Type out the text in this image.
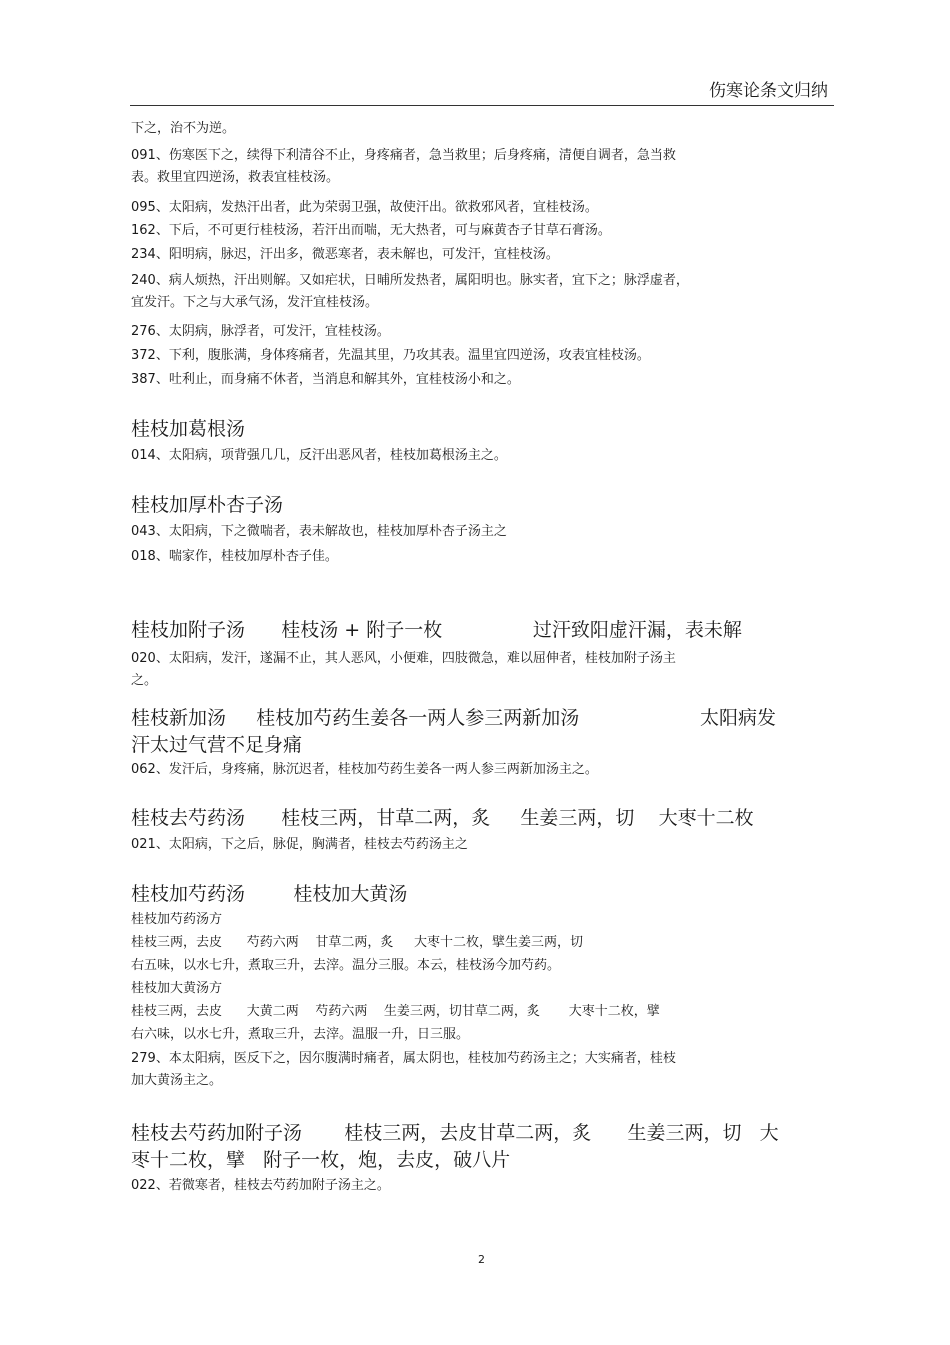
伤寒论条文归纳
下之，治不为逆。
091、伤寒医下之，续得下利清谷不止，身疼痛者，急当救里；后身疼痛，清便自调者，急当救
表。救里宜四逆汤，救表宜桂枝汤。
095、太阳病，发热汗出者，此为荣弱卫强，故使汗出。欲救邪风者，宜桂枝汤。
162、下后，不可更行桂枝汤，若汗出而喘，无大热者，可与麻黄杏子甘草石膏汤。
234、阳明病，脉迟，汗出多，微恶寒者，表未解也，可发汗，宜桂枝汤。
240、病人烦热，汗出则解。又如疟状，日晡所发热者，属阳明也。脉实者，宜下之；脉浮虚者，
宜发汗。下之与大承气汤，发汗宜桂枝汤。
276、太阴病，脉浮者，可发汗，宜桂枝汤。
372、下利，腹胀满，身体疼痛者，先温其里，乃攻其表。温里宜四逆汤，攻表宜桂枝汤。
387、吐利止，而身痛不休者，当消息和解其外，宜桂枝汤小和之。
桂枝加葛根汤
014、太阳病，项背强几几，反汗出恶风者，桂枝加葛根汤主之。
桂枝加厚朴杏子汤
043、太阳病，下之微喘者，表未解故也，桂枝加厚朴杏子汤主之
018、喘家作，桂枝加厚朴杏子佳。
桂枝加附子汤      桂枝汤 + 附子一枚               过汗致阳虚汗漏，表未解
020、太阳病，发汗，遂漏不止，其人恶风，小便难，四肢微急，难以屈伸者，桂枝加附子汤主
之。
桂枝新加汤     桂枝加芍药生姜各一两人参三两新加汤                    太阳病发
汗太过气营不足身痛
062、发汗后，身疼痛，脉沉迟者，桂枝加芍药生姜各一两人参三两新加汤主之。
桂枝去芍药汤      桂枝三两，甘草二两，炙     生姜三两，切    大枣十二枚
021、太阳病，下之后，脉促，胸满者，桂枝去芍药汤主之
桂枝加芍药汤        桂枝加大黄汤
桂枝加芍药汤方
桂枝三两，去皮      芍药六两    甘草二两，炙     大枣十二枚，擘生姜三两，切
右五味，以水七升，煮取三升，去滓。温分三服。本云，桂枝汤今加芍药。
桂枝加大黄汤方
桂枝三两，去皮      大黄二两    芍药六两    生姜三两，切甘草二两，炙       大枣十二枚，擘
右六味，以水七升，煮取三升，去滓。温服一升，日三服。
279、本太阳病，医反下之，因尔腹满时痛者，属太阴也，桂枝加芍药汤主之；大实痛者，桂枝
加大黄汤主之。
桂枝去芍药加附子汤       桂枝三两，去皮甘草二两，炙      生姜三两，切   大
枣十二枚，擘   附子一枚，炮，去皮，破八片
022、若微寒者，桂枝去芍药加附子汤主之。
2
